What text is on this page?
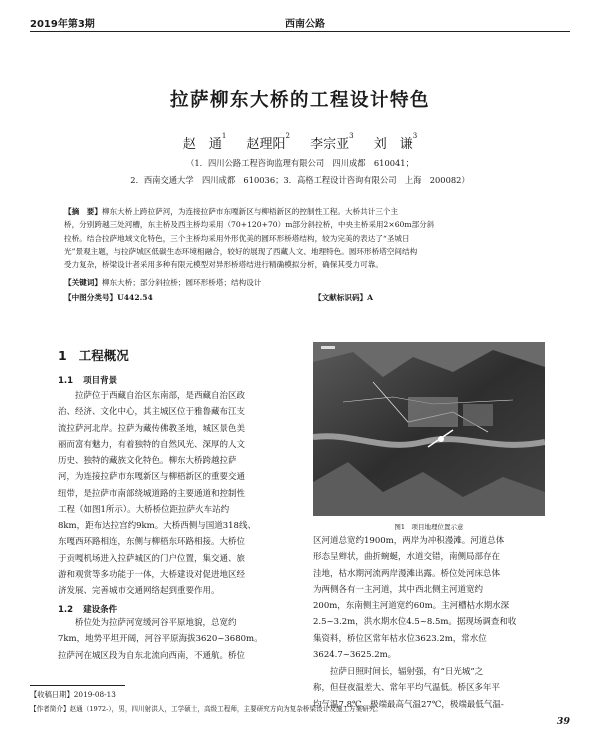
2019年第3期	西南公路
拉萨柳东大桥的工程设计特色
赵　通$^1$ 赵理阳$^2$ 李宗亚$^3$ 刘　谦$^3$
（1．四川公路工程咨询监理有限公司　四川成都　610041；
2．西南交通大学　四川成都　610036；3．高格工程设计咨询有限公司　上海　200082）
【摘　要】柳东大桥上跨拉萨河，为连接拉萨市东嘎新区与柳梧新区的控制性工程。大桥共计三个主
桥，分别跨越三处河槽，东主桥及西主桥均采用（70+120+70）m部分斜拉桥，中央主桥采用2×60m部分斜
拉桥。结合拉萨地域文化特色，三个主桥均采用外形优美的圆环形桥塔结构，较为完美的表达了“圣城日
光”景观主题，与拉萨城区低碳生态环境相融合，较好的展现了西藏人文、地理特色。圆环形桥塔空间结构
受力复杂，桥梁设计者采用多种有限元模型对异形桥塔结进行精确模拟分析，确保其受力可靠。
【关键词】柳东大桥；部分斜拉桥；圆环形桥塔；结构设计
【中图分类号】U442.54	【文献标识码】A
1 工程概况
1.1 项目背景
　　拉萨位于西藏自治区东南部，是西藏自治区政
治、经济、文化中心，其主城区位于雅鲁藏布江支
流拉萨河北岸。拉萨为藏传佛教圣地，城区景色美
丽而富有魅力，有着独特的自然风光、深厚的人文
历史、独特的藏族文化特色。柳东大桥跨越拉萨
河，为连接拉萨市东嘎新区与柳梧新区的重要交通
纽带，是拉萨市南部绕城道路的主要通道和控制性
工程（如图1所示）。大桥桥位距拉萨火车站约
8km，距布达拉宫约9km。大桥西侧与国道318线、
东嘎西环路相连，东侧与柳梧东环路相接。大桥位
于贡嘎机场进入拉萨城区的门户位置，集交通、旅
游和观赏等多功能于一体，大桥建设对促进地区经
济发展、完善城市交通网络起到重要作用。
1.2 建设条件
　　桥位处为拉萨河宽缓河谷平原地貌，总宽约
7km，地势平坦开阔，河谷平原海拔3620~3680m。
拉萨河在城区段为自东北流向西南，不通航。桥位
图1　项目地理位置示意
区河道总宽约1900m，两岸为冲积漫滩。河道总体
形态呈辫状，曲折蜿蜒，水道交错，南侧局部存在
洼地，枯水期河流两岸漫滩出露。桥位处河床总体
为两侧各有一主河道，其中西北侧主河道宽约
200m，东南侧主河道宽约60m。主河槽枯水期水深
2.5~3.2m，洪水期水位4.5~8.5m。据现场调查和收
集资料，桥位区常年枯水位3623.2m，常水位
3624.7~3625.2m。
　　拉萨日照时间长，辐射强，有“日光城”之
称，但昼夜温差大、常年平均气温低。桥区多年平
均气温7.8℃，极端最高气温27℃，极端最低气温-
【收稿日期】2019-08-13
【作者简介】赵通（1972-），男，四川射洪人，工学硕士，高级工程师，主要研究方向为复杂桥梁设计及施工方案研究。
39
